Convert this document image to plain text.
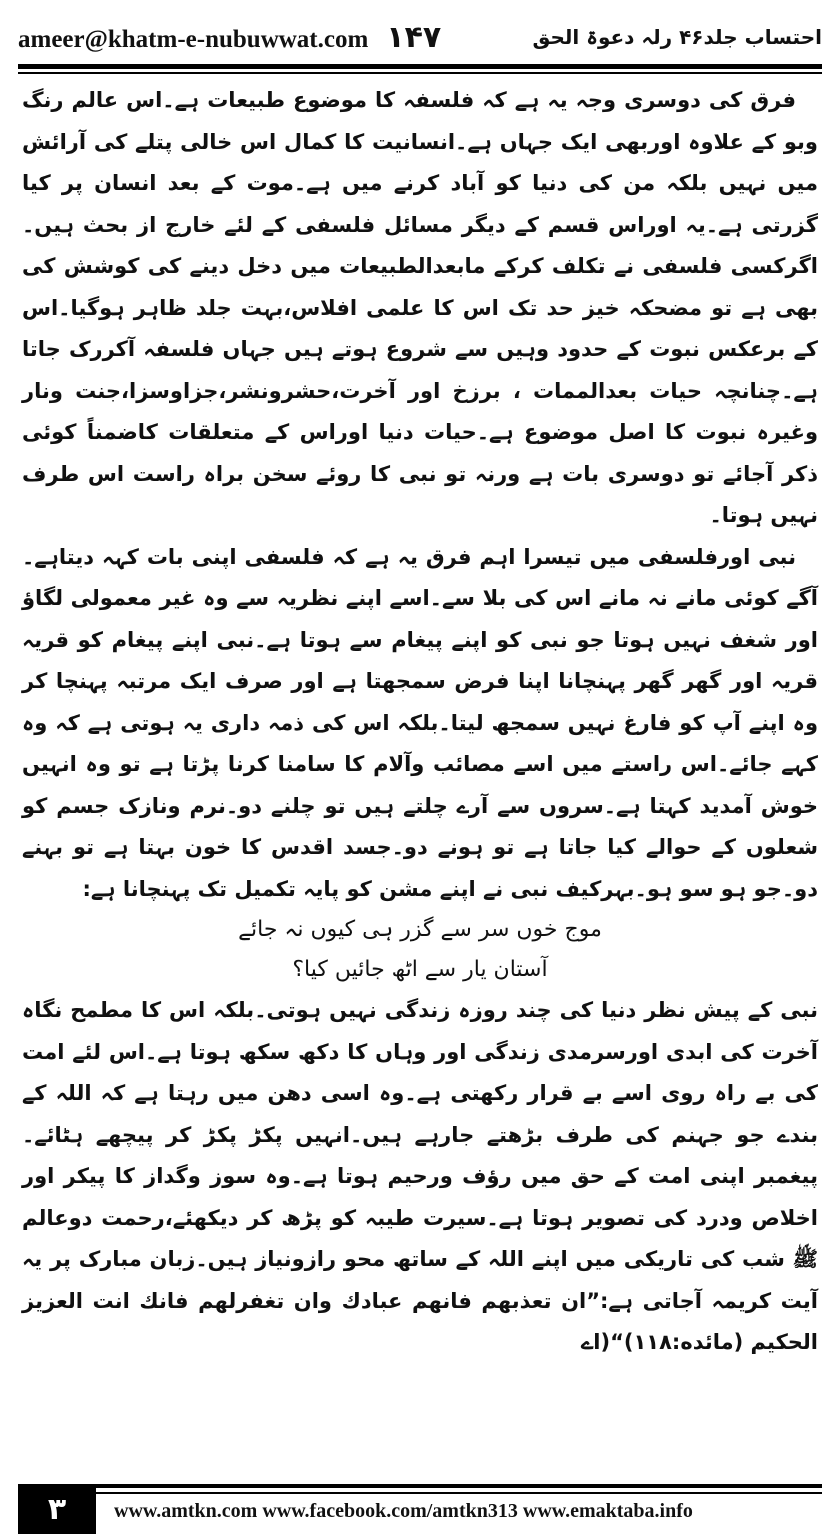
ameer@khatm-e-nubuwwat.com ۱۴۷	احتساب جلد۴۶ رلہ دعوۃ الحق

فرق کی دوسری وجہ یہ ہے کہ فلسفہ کا موضوع طبیعات ہے۔اس عالم رنگ وبو کے علاوہ اوربھی ایک جہاں ہے۔انسانیت کا کمال اس خالی پتلے کی آرائش میں نہیں بلکہ من کی دنیا کو آباد کرنے میں ہے۔موت کے بعد انسان پر کیا گزرتی ہے۔یہ اوراس قسم کے دیگر مسائل فلسفی کے لئے خارج از بحث ہیں۔اگرکسی فلسفی نے تکلف کرکے مابعدالطبیعات میں دخل دینے کی کوشش کی بھی ہے تو مضحکہ خیز حد تک اس کا علمی افلاس،بہت جلد ظاہر ہوگیا۔اس کے برعکس نبوت کے حدود وہیں سے شروع ہوتے ہیں جہاں فلسفہ آکررک جاتا ہے۔چنانچہ حیات بعدالممات ، برزخ اور آخرت،حشرونشر،جزاوسزا،جنت ونار وغیرہ نبوت کا اصل موضوع ہے۔حیات دنیا اوراس کے متعلقات کاضمناً کوئی ذکر آجائے تو دوسری بات ہے ورنہ تو نبی کا روئے سخن براہ راست اس طرف نہیں ہوتا۔

نبی اورفلسفی میں تیسرا اہم فرق یہ ہے کہ فلسفی اپنی بات کہہ دیتاہے۔آگے کوئی مانے نہ مانے اس کی بلا سے۔اسے اپنے نظریہ سے وہ غیر معمولی لگاؤ اور شغف نہیں ہوتا جو نبی کو اپنے پیغام سے ہوتا ہے۔نبی اپنے پیغام کو قریہ قریہ اور گھر گھر پہنچانا اپنا فرض سمجھتا ہے اور صرف ایک مرتبہ پہنچا کر وہ اپنے آپ کو فارغ نہیں سمجھ لیتا۔بلکہ اس کی ذمہ داری یہ ہوتی ہے کہ وہ کہے جائے۔اس راستے میں اسے مصائب وآلام کا سامنا کرنا پڑتا ہے تو وہ انہیں خوش آمدید کہتا ہے۔سروں سے آرے چلتے ہیں تو چلنے دو۔نرم ونازک جسم کو شعلوں کے حوالے کیا جاتا ہے تو ہونے دو۔جسد اقدس کا خون بہتا ہے تو بہنے دو۔جو ہو سو ہو۔بہرکیف نبی نے اپنے مشن کو پایہ تکمیل تک پہنچانا ہے:

موج خوں سر سے گزر ہی کیوں نہ جائے
آستان یار سے اٹھ جائیں کیا؟

نبی کے پیش نظر دنیا کی چند روزہ زندگی نہیں ہوتی۔بلکہ اس کا مطمح نگاہ آخرت کی ابدی اورسرمدی زندگی اور وہاں کا دکھ سکھ ہوتا ہے۔اس لئے امت کی بے راہ روی اسے بے قرار رکھتی ہے۔وہ اسی دھن میں رہتا ہے کہ اللہ کے بندے جو جہنم کی طرف بڑھتے جارہے ہیں۔انہیں پکڑ پکڑ کر پیچھے ہٹائے۔پیغمبر اپنی امت کے حق میں رؤف ورحیم ہوتا ہے۔وہ سوز وگداز کا پیکر اور اخلاص ودرد کی تصویر ہوتا ہے۔سیرت طیبہ کو پڑھ کر دیکھئے،رحمت دوعالم ﷺ شب کی تاریکی میں اپنے اللہ کے ساتھ محو رازونیاز ہیں۔زبان مبارک پر یہ آیت کریمہ آجاتی ہے:”ان تعذبهم فانهم عبادك وان تغفرلهم فانك انت العزيز الحكيم (مائده:۱۱۸)“(اے

۳ www.amtkn.com www.facebook.com/amtkn313 www.emaktaba.info
